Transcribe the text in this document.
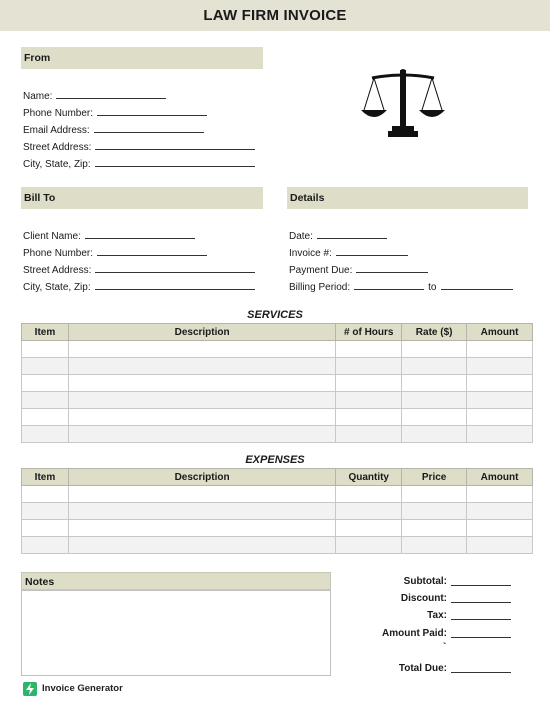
LAW FIRM INVOICE
From
Name:
Phone Number:
Email Address:
Street Address:
City, State, Zip:
Bill To
Client Name:
Phone Number:
Street Address:
City, State, Zip:
Details
Date:
Invoice #:
Payment Due:
Billing Period:	to
SERVICES
Item	Description	# of Hours	Rate ($)	Amount

EXPENSES
Item	Description	Quantity	Price	Amount

Notes	Subtotal:
Discount:
Tax:
Amount Paid:
`
Total Due:
Invoice Generator
